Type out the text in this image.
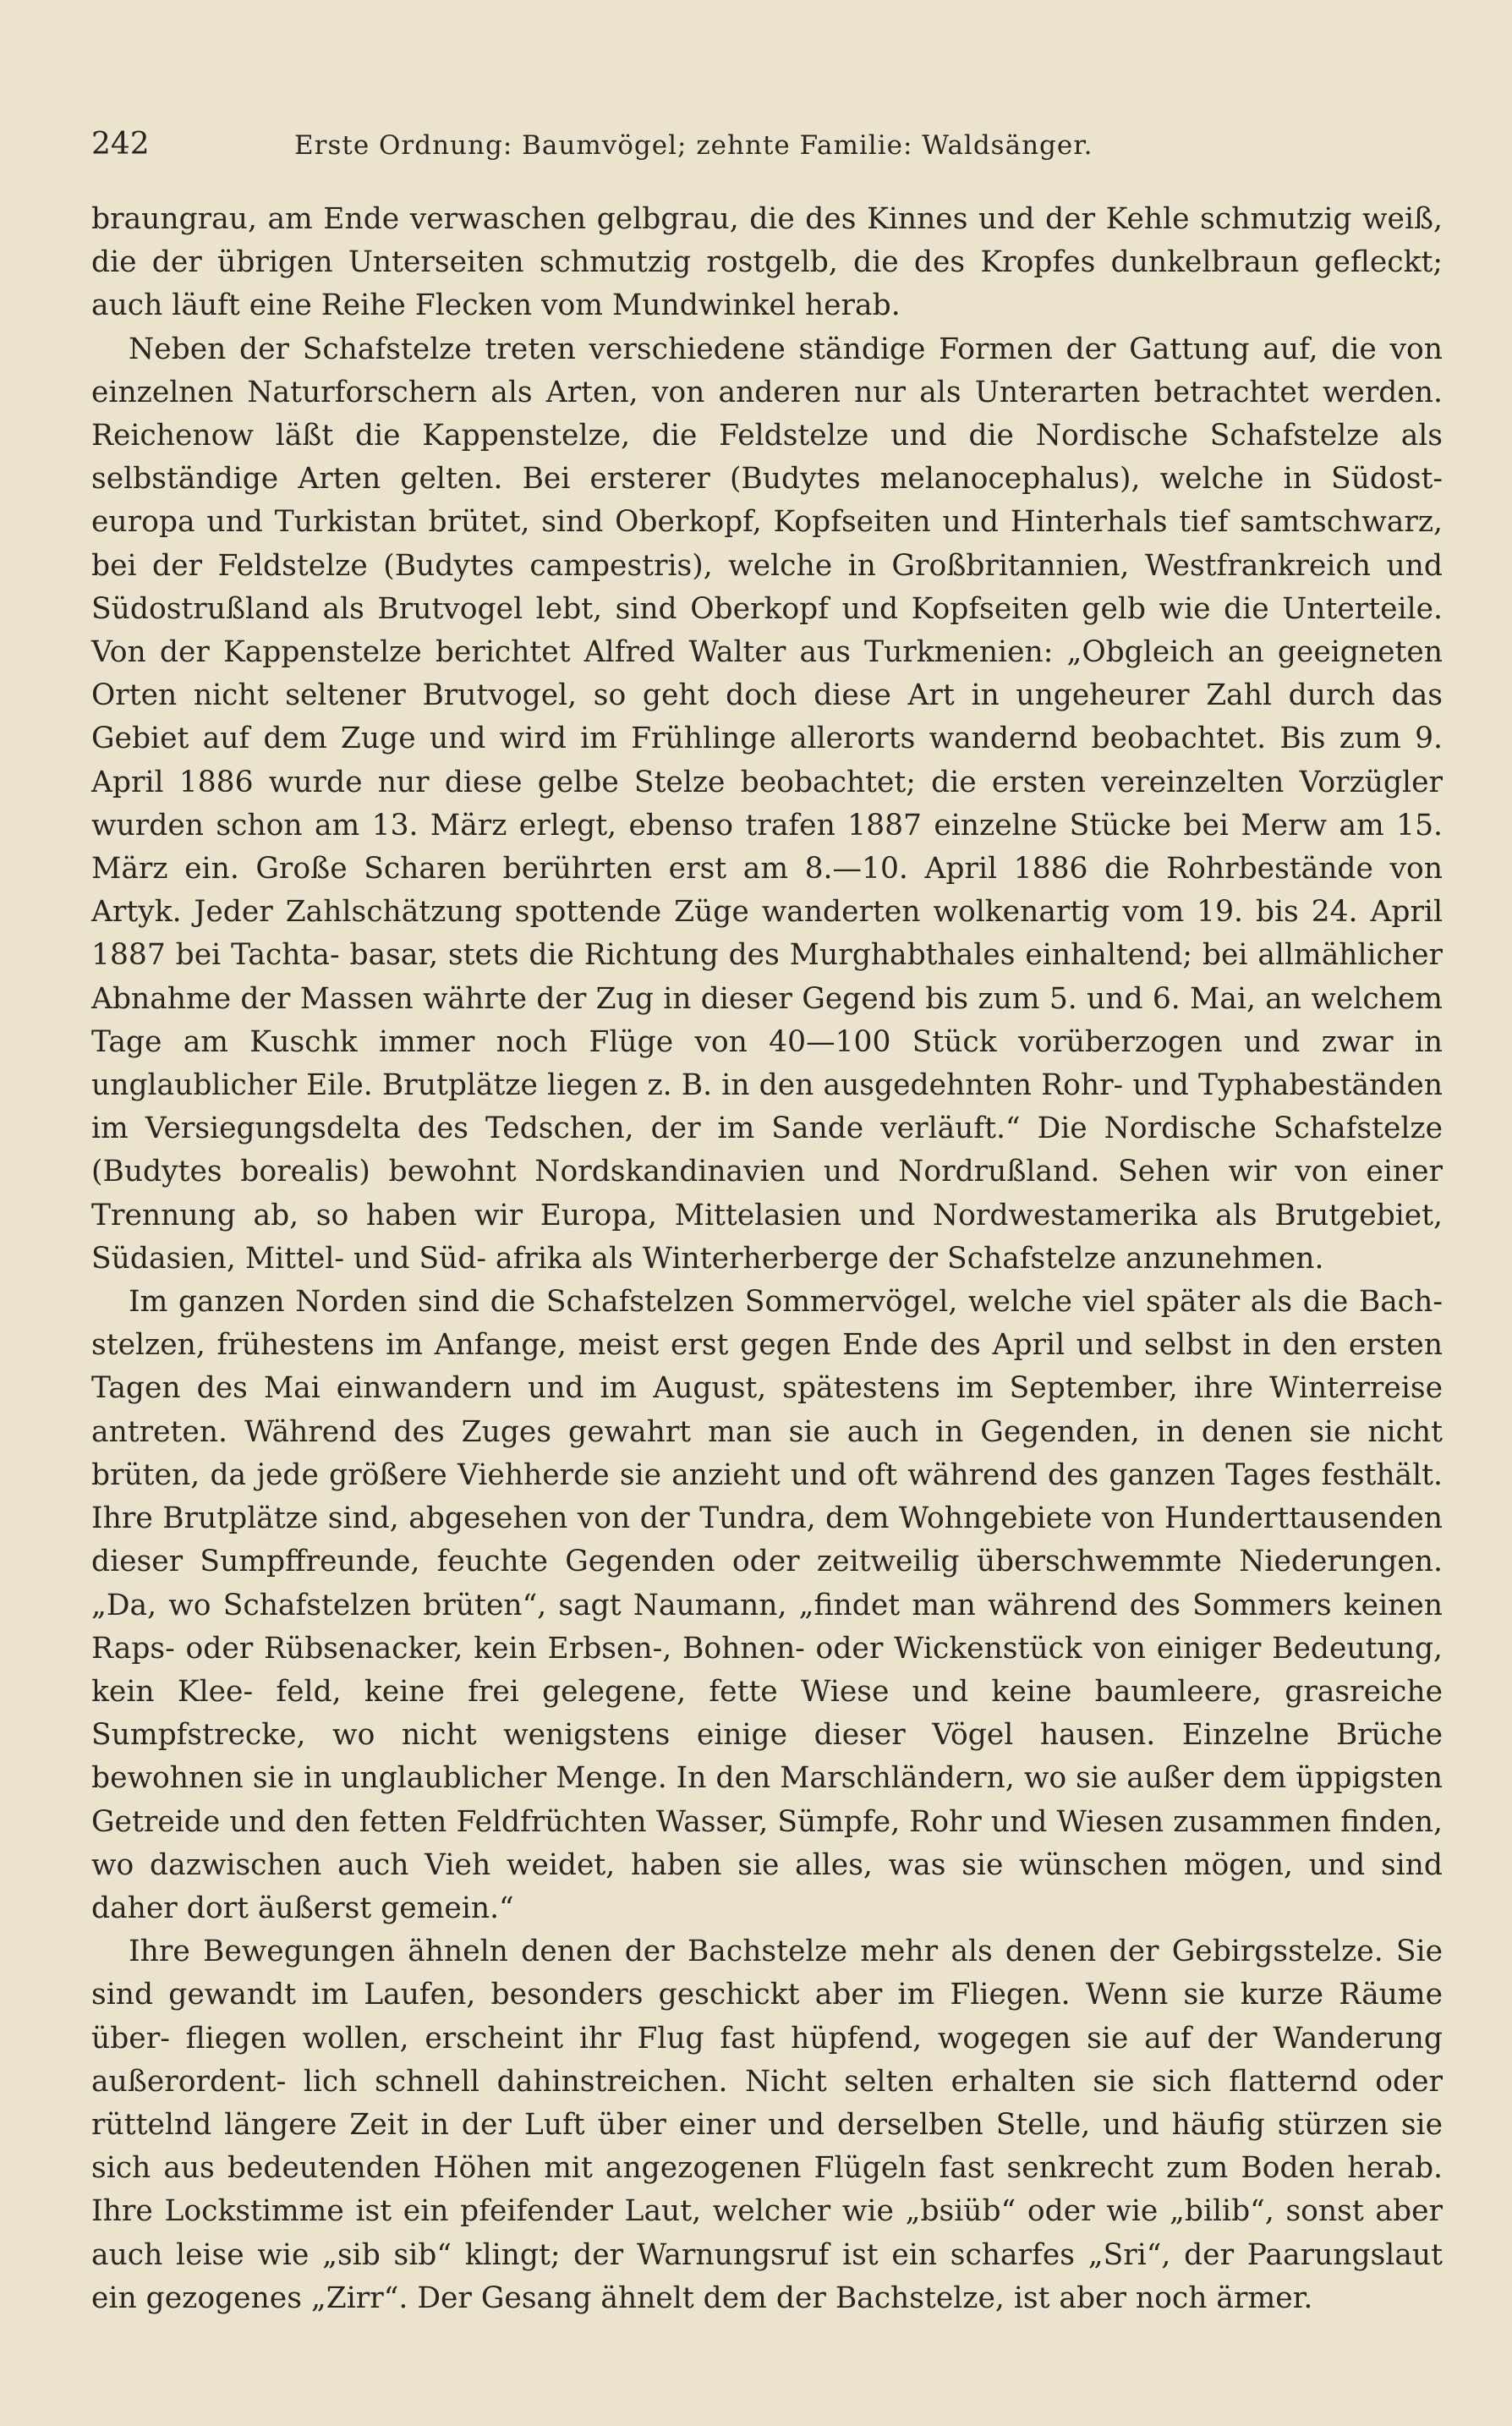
242	Erste Ordnung: Baumvögel; zehnte Familie: Waldsänger.

braungrau, am Ende verwaschen gelbgrau, die des Kinnes und der Kehle schmutzig weiß, die der übrigen Unterseiten schmutzig rostgelb, die des Kropfes dunkelbraun gefleckt; auch läuft eine Reihe Flecken vom Mundwinkel herab.

Neben der Schafstelze treten verschiedene ständige Formen der Gattung auf, die von einzelnen Naturforschern als Arten, von anderen nur als Unterarten betrachtet werden. Reichenow läßt die Kappenstelze, die Feldstelze und die Nordische Schafstelze als selbständige Arten gelten. Bei ersterer (Budytes melanocephalus), welche in Südost- europa und Turkistan brütet, sind Oberkopf, Kopfseiten und Hinterhals tief samtschwarz, bei der Feldstelze (Budytes campestris), welche in Großbritannien, Westfrankreich und Südostrußland als Brutvogel lebt, sind Oberkopf und Kopfseiten gelb wie die Unterteile. Von der Kappenstelze berichtet Alfred Walter aus Turkmenien: „Obgleich an geeigneten Orten nicht seltener Brutvogel, so geht doch diese Art in ungeheurer Zahl durch das Gebiet auf dem Zuge und wird im Frühlinge allerorts wandernd beobachtet. Bis zum 9. April 1886 wurde nur diese gelbe Stelze beobachtet; die ersten vereinzelten Vorzügler wurden schon am 13. März erlegt, ebenso trafen 1887 einzelne Stücke bei Merw am 15. März ein. Große Scharen berührten erst am 8.—10. April 1886 die Rohrbestände von Artyk. Jeder Zahlschätzung spottende Züge wanderten wolkenartig vom 19. bis 24. April 1887 bei Tachta- basar, stets die Richtung des Murghabthales einhaltend; bei allmählicher Abnahme der Massen währte der Zug in dieser Gegend bis zum 5. und 6. Mai, an welchem Tage am Kuschk immer noch Flüge von 40—100 Stück vorüberzogen und zwar in unglaublicher Eile. Brutplätze liegen z. B. in den ausgedehnten Rohr- und Typhabeständen im Versiegungsdelta des Tedschen, der im Sande verläuft.“ Die Nordische Schafstelze (Budytes borealis) bewohnt Nordskandinavien und Nordrußland. Sehen wir von einer Trennung ab, so haben wir Europa, Mittelasien und Nordwestamerika als Brutgebiet, Südasien, Mittel- und Süd- afrika als Winterherberge der Schafstelze anzunehmen.

Im ganzen Norden sind die Schafstelzen Sommervögel, welche viel später als die Bach- stelzen, frühestens im Anfange, meist erst gegen Ende des April und selbst in den ersten Tagen des Mai einwandern und im August, spätestens im September, ihre Winterreise antreten. Während des Zuges gewahrt man sie auch in Gegenden, in denen sie nicht brüten, da jede größere Viehherde sie anzieht und oft während des ganzen Tages festhält. Ihre Brutplätze sind, abgesehen von der Tundra, dem Wohngebiete von Hunderttausenden dieser Sumpffreunde, feuchte Gegenden oder zeitweilig überschwemmte Niederungen. „Da, wo Schafstelzen brüten“, sagt Naumann, „findet man während des Sommers keinen Raps- oder Rübsenacker, kein Erbsen-, Bohnen- oder Wickenstück von einiger Bedeutung, kein Klee- feld, keine frei gelegene, fette Wiese und keine baumleere, grasreiche Sumpfstrecke, wo nicht wenigstens einige dieser Vögel hausen. Einzelne Brüche bewohnen sie in unglaublicher Menge. In den Marschländern, wo sie außer dem üppigsten Getreide und den fetten Feldfrüchten Wasser, Sümpfe, Rohr und Wiesen zusammen finden, wo dazwischen auch Vieh weidet, haben sie alles, was sie wünschen mögen, und sind daher dort äußerst gemein.“

Ihre Bewegungen ähneln denen der Bachstelze mehr als denen der Gebirgsstelze. Sie sind gewandt im Laufen, besonders geschickt aber im Fliegen. Wenn sie kurze Räume über- fliegen wollen, erscheint ihr Flug fast hüpfend, wogegen sie auf der Wanderung außerordent- lich schnell dahinstreichen. Nicht selten erhalten sie sich flatternd oder rüttelnd längere Zeit in der Luft über einer und derselben Stelle, und häufig stürzen sie sich aus bedeutenden Höhen mit angezogenen Flügeln fast senkrecht zum Boden herab. Ihre Lockstimme ist ein pfeifender Laut, welcher wie „bsiüb“ oder wie „bilib“, sonst aber auch leise wie „sib sib“ klingt; der Warnungsruf ist ein scharfes „Sri“, der Paarungslaut ein gezogenes „Zirr“. Der Gesang ähnelt dem der Bachstelze, ist aber noch ärmer.
